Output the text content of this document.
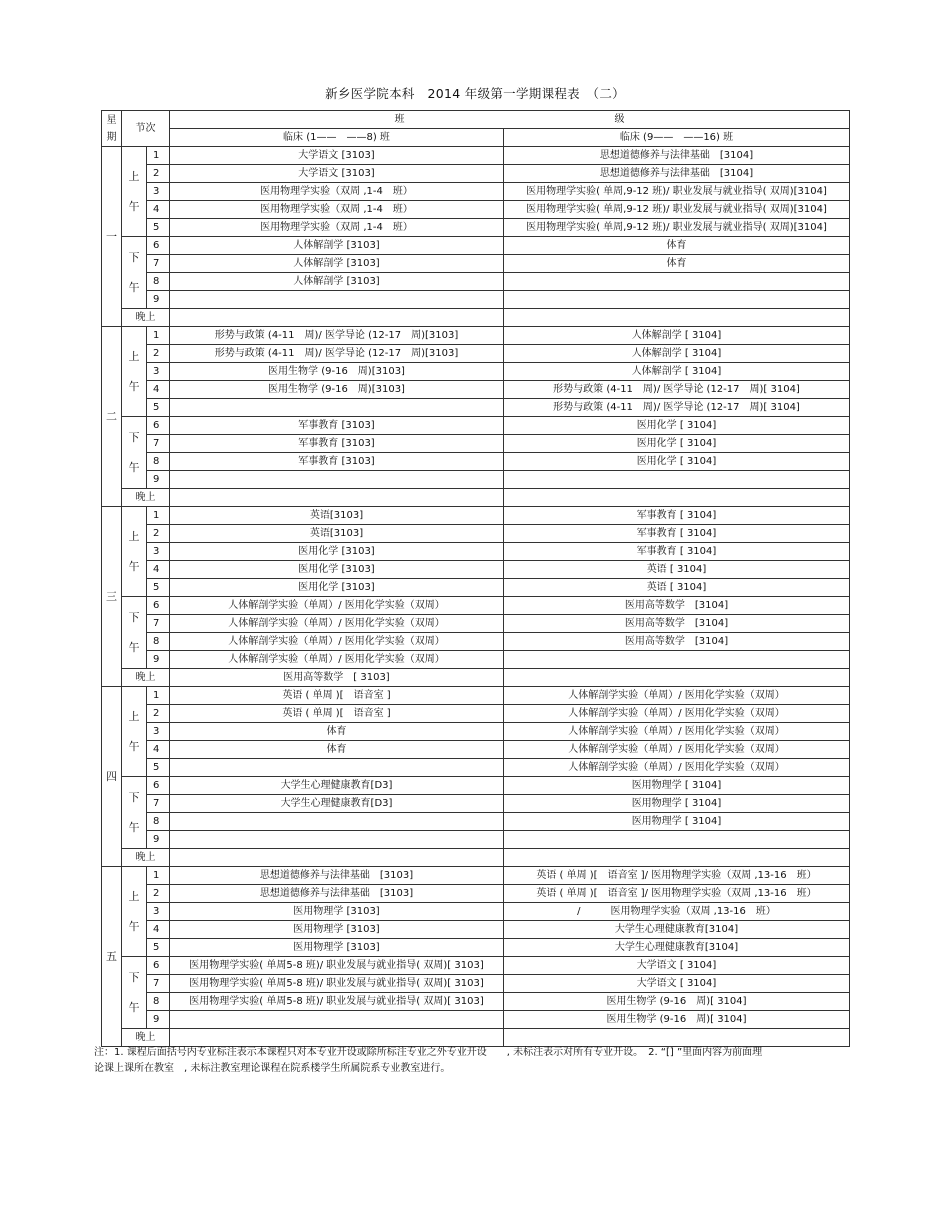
新乡医学院本科　2014 年级第一学期课程表　（二）
星期	节次		班　　　　　　　　　　　　　　　　　　　　　级	
			临床 (1——　——8) 班	临床 (9——　——16) 班
一	上　午	1	大学语文 [3103]	思想道德修养与法律基础　[3104]
		2	大学语文 [3103]	思想道德修养与法律基础　[3104]
		3	医用物理学实验（双周 ,1-4　班）	医用物理学实验( 单周,9-12 班)/ 职业发展与就业指导( 双周)[3104]
		4	医用物理学实验（双周 ,1-4　班）	医用物理学实验( 单周,9-12 班)/ 职业发展与就业指导( 双周)[3104]
		5	医用物理学实验（双周 ,1-4　班）	医用物理学实验( 单周,9-12 班)/ 职业发展与就业指导( 双周)[3104]
	下　午	6	人体解剖学 [3103]	体育
		7	人体解剖学 [3103]	体育
		8	人体解剖学 [3103]	
		9		
	晚上			
二	上　午	1	形势与政策 (4-11　周)/ 医学导论 (12-17　周)[3103]	人体解剖学 [ 3104]
		2	形势与政策 (4-11　周)/ 医学导论 (12-17　周)[3103]	人体解剖学 [ 3104]
		3	医用生物学 (9-16　周)[3103]	人体解剖学 [ 3104]
		4	医用生物学 (9-16　周)[3103]	形势与政策 (4-11　周)/ 医学导论 (12-17　周)[ 3104]
		5		形势与政策 (4-11　周)/ 医学导论 (12-17　周)[ 3104]
	下　午	6	军事教育 [3103]	医用化学 [ 3104]
		7	军事教育 [3103]	医用化学 [ 3104]
		8	军事教育 [3103]	医用化学 [ 3104]
		9		
	晚上			
三	上　午	1	英语[3103]	军事教育 [ 3104]
		2	英语[3103]	军事教育 [ 3104]
		3	医用化学 [3103]	军事教育 [ 3104]
		4	医用化学 [3103]	英语 [ 3104]
		5	医用化学 [3103]	英语 [ 3104]
	下　午	6	人体解剖学实验（单周）/ 医用化学实验（双周）	医用高等数学　[3104]
		7	人体解剖学实验（单周）/ 医用化学实验（双周）	医用高等数学　[3104]
		8	人体解剖学实验（单周）/ 医用化学实验（双周）	医用高等数学　[3104]
		9	人体解剖学实验（单周）/ 医用化学实验（双周）	
	晚上		医用高等数学　[ 3103]	
四	上　午	1	英语 ( 单周 )[　语音室 ]	人体解剖学实验（单周）/ 医用化学实验（双周）
		2	英语 ( 单周 )[　语音室 ]	人体解剖学实验（单周）/ 医用化学实验（双周）
		3	体育	人体解剖学实验（单周）/ 医用化学实验（双周）
		4	体育	人体解剖学实验（单周）/ 医用化学实验（双周）
		5		人体解剖学实验（单周）/ 医用化学实验（双周）
	下　午	6	大学生心理健康教育[D3]	医用物理学 [ 3104]
		7	大学生心理健康教育[D3]	医用物理学 [ 3104]
		8		医用物理学 [ 3104]
		9		
	晚上			
五	上　午	1	思想道德修养与法律基础　[3103]	英语 ( 单周 )[　语音室 ]/ 医用物理学实验（双周 ,13-16　班）
		2	思想道德修养与法律基础　[3103]	英语 ( 单周 )[　语音室 ]/ 医用物理学实验（双周 ,13-16　班）
		3	医用物理学 [3103]	/　　　医用物理学实验（双周 ,13-16　班）
		4	医用物理学 [3103]	大学生心理健康教育[3104]
		5	医用物理学 [3103]	大学生心理健康教育[3104]
	下　午	6	医用物理学实验( 单周5-8 班)/ 职业发展与就业指导( 双周)[ 3103]	大学语文 [ 3104]
		7	医用物理学实验( 单周5-8 班)/ 职业发展与就业指导( 双周)[ 3103]	大学语文 [ 3104]
		8	医用物理学实验( 单周5-8 班)/ 职业发展与就业指导( 双周)[ 3103]	医用生物学 (9-16　周)[ 3104]
		9		医用生物学 (9-16　周)[ 3104]
	晚上			
注：1. 课程后面括号内专业标注表示本课程只对本专业开设或除所标注专业之外专业开设　　, 未标注表示对所有专业开设。　2. “[] ”里面内容为前面理
论课上课所在教室　, 未标注教室理论课程在院系楼学生所属院系专业教室进行。
